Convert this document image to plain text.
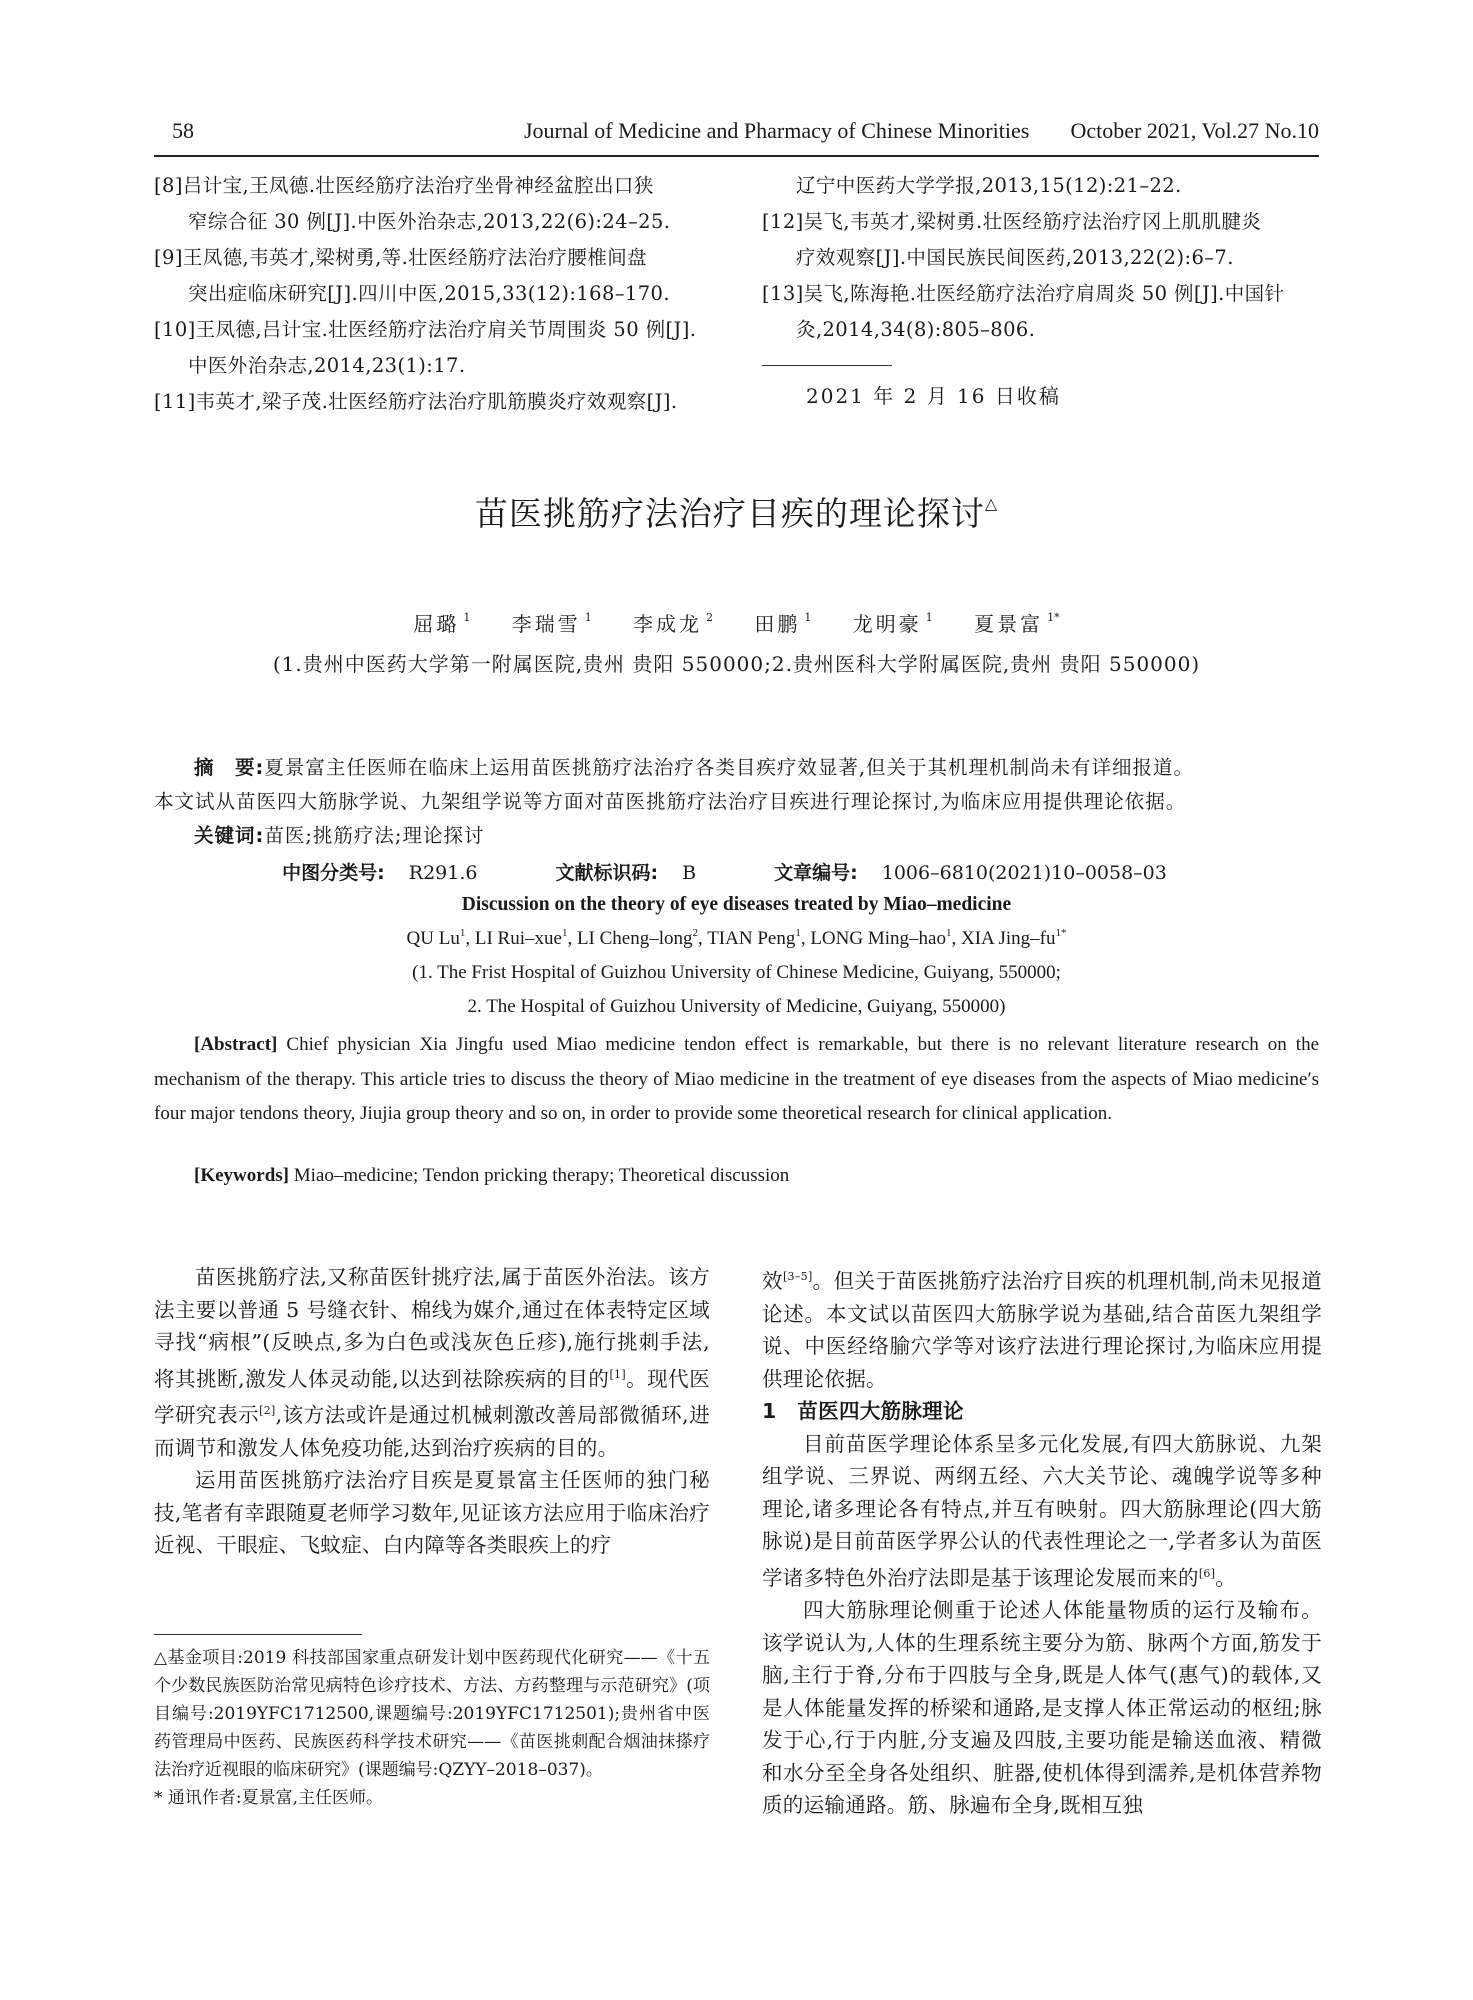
58	Journal of Medicine and Pharmacy of Chinese Minorities October 2021, Vol.27 No.10
[8]吕计宝,王凤德.壮医经筋疗法治疗坐骨神经盆腔出口狭
窄综合征 30 例[J].中医外治杂志,2013,22(6):24–25.
[9]王凤德,韦英才,梁树勇,等.壮医经筋疗法治疗腰椎间盘
突出症临床研究[J].四川中医,2015,33(12):168–170.
[10]王凤德,吕计宝.壮医经筋疗法治疗肩关节周围炎 50 例[J].
中医外治杂志,2014,23(1):17.
[11]韦英才,梁子茂.壮医经筋疗法治疗肌筋膜炎疗效观察[J].
辽宁中医药大学学报,2013,15(12):21–22.
[12]吴飞,韦英才,梁树勇.壮医经筋疗法治疗冈上肌肌腱炎
疗效观察[J].中国民族民间医药,2013,22(2):6–7.
[13]吴飞,陈海艳.壮医经筋疗法治疗肩周炎 50 例[J].中国针
灸,2014,34(8):805–806.
2021 年 2 月 16 日收稿
苗医挑筋疗法治疗目疾的理论探讨△
屈璐 $^1$ 李瑞雪 $^1$ 李成龙 $^2$ 田鹏 $^1$ 龙明豪 $^1$ 夏景富 $^{1*}$
(1.贵州中医药大学第一附属医院,贵州 贵阳 550000;2.贵州医科大学附属医院,贵州 贵阳 550000)
摘　要:夏景富主任医师在临床上运用苗医挑筋疗法治疗各类目疾疗效显著,但关于其机理机制尚未有详细报道。
本文试从苗医四大筋脉学说、九架组学说等方面对苗医挑筋疗法治疗目疾进行理论探讨,为临床应用提供理论依据。
关键词:苗医;挑筋疗法;理论探讨
中图分类号: R291.6	文献标识码: B	文章编号: 1006–6810(2021)10–0058–03
Discussion on the theory of eye diseases treated by Miao–medicine
QU Lu$^1$, LI Rui–xue$^1$, LI Cheng–long$^2$, TIAN Peng$^1$, LONG Ming–hao$^1$, XIA Jing–$fu^{1*}$
(1. The Frist Hospital of Guizhou University of Chinese Medicine, Guiyang, 550000;
2. The Hospital of Guizhou University of Medicine, Guiyang, 550000)
[Abstract] Chief physician Xia Jingfu used Miao medicine tendon effect is remarkable, but there is no relevant literature research on the mechanism of the therapy. This article tries to discuss the theory of Miao medicine in the treatment of eye diseases from the aspects of Miao medicine′s four major tendons theory, Jiujia group theory and so on, in order to provide some theoretical research for clinical application.
[Keywords] Miao–medicine; Tendon pricking therapy; Theoretical discussion

苗医挑筋疗法,又称苗医针挑疗法,属于苗医外治法。该方法主要以普通 5 号缝衣针、棉线为媒介,通过在体表特定区域寻找“病根”(反映点,多为白色或浅灰色丘疹),施行挑刺手法,将其挑断,激发人体灵动能,以达到祛除疾病的目的[1]。现代医学研究表示[2],该方法或许是通过机械刺激改善局部微循环,进而调节和激发人体免疫功能,达到治疗疾病的目的。

运用苗医挑筋疗法治疗目疾是夏景富主任医师的独门秘技,笔者有幸跟随夏老师学习数年,见证该方法应用于临床治疗近视、干眼症、飞蚊症、白内障等各类眼疾上的疗

△基金项目:2019 科技部国家重点研发计划中医药现代化研究——《十五个少数民族医防治常见病特色诊疗技术、方法、方药整理与示范研究》(项目编号:2019YFC1712500,课题编号:2019YFC1712501);贵州省中医药管理局中医药、民族医药科学技术研究——《苗医挑刺配合烟油抹搽疗法治疗近视眼的临床研究》(课题编号:QZYY–2018–037)。

* 通讯作者:夏景富,主任医师。

效[3–5]。但关于苗医挑筋疗法治疗目疾的机理机制,尚未见报道论述。本文试以苗医四大筋脉学说为基础,结合苗医九架组学说、中医经络腧穴学等对该疗法进行理论探讨,为临床应用提供理论依据。

1　苗医四大筋脉理论

目前苗医学理论体系呈多元化发展,有四大筋脉说、九架组学说、三界说、两纲五经、六大关节论、魂魄学说等多种理论,诸多理论各有特点,并互有映射。四大筋脉理论(四大筋脉说)是目前苗医学界公认的代表性理论之一,学者多认为苗医学诸多特色外治疗法即是基于该理论发展而来的[6]。

四大筋脉理论侧重于论述人体能量物质的运行及输布。该学说认为,人体的生理系统主要分为筋、脉两个方面,筋发于脑,主行于脊,分布于四肢与全身,既是人体气(惠气)的载体,又是人体能量发挥的桥梁和通路,是支撑人体正常运动的枢纽;脉发于心,行于内脏,分支遍及四肢,主要功能是输送血液、精微和水分至全身各处组织、脏器,使机体得到濡养,是机体营养物质的运输通路。筋、脉遍布全身,既相互独
